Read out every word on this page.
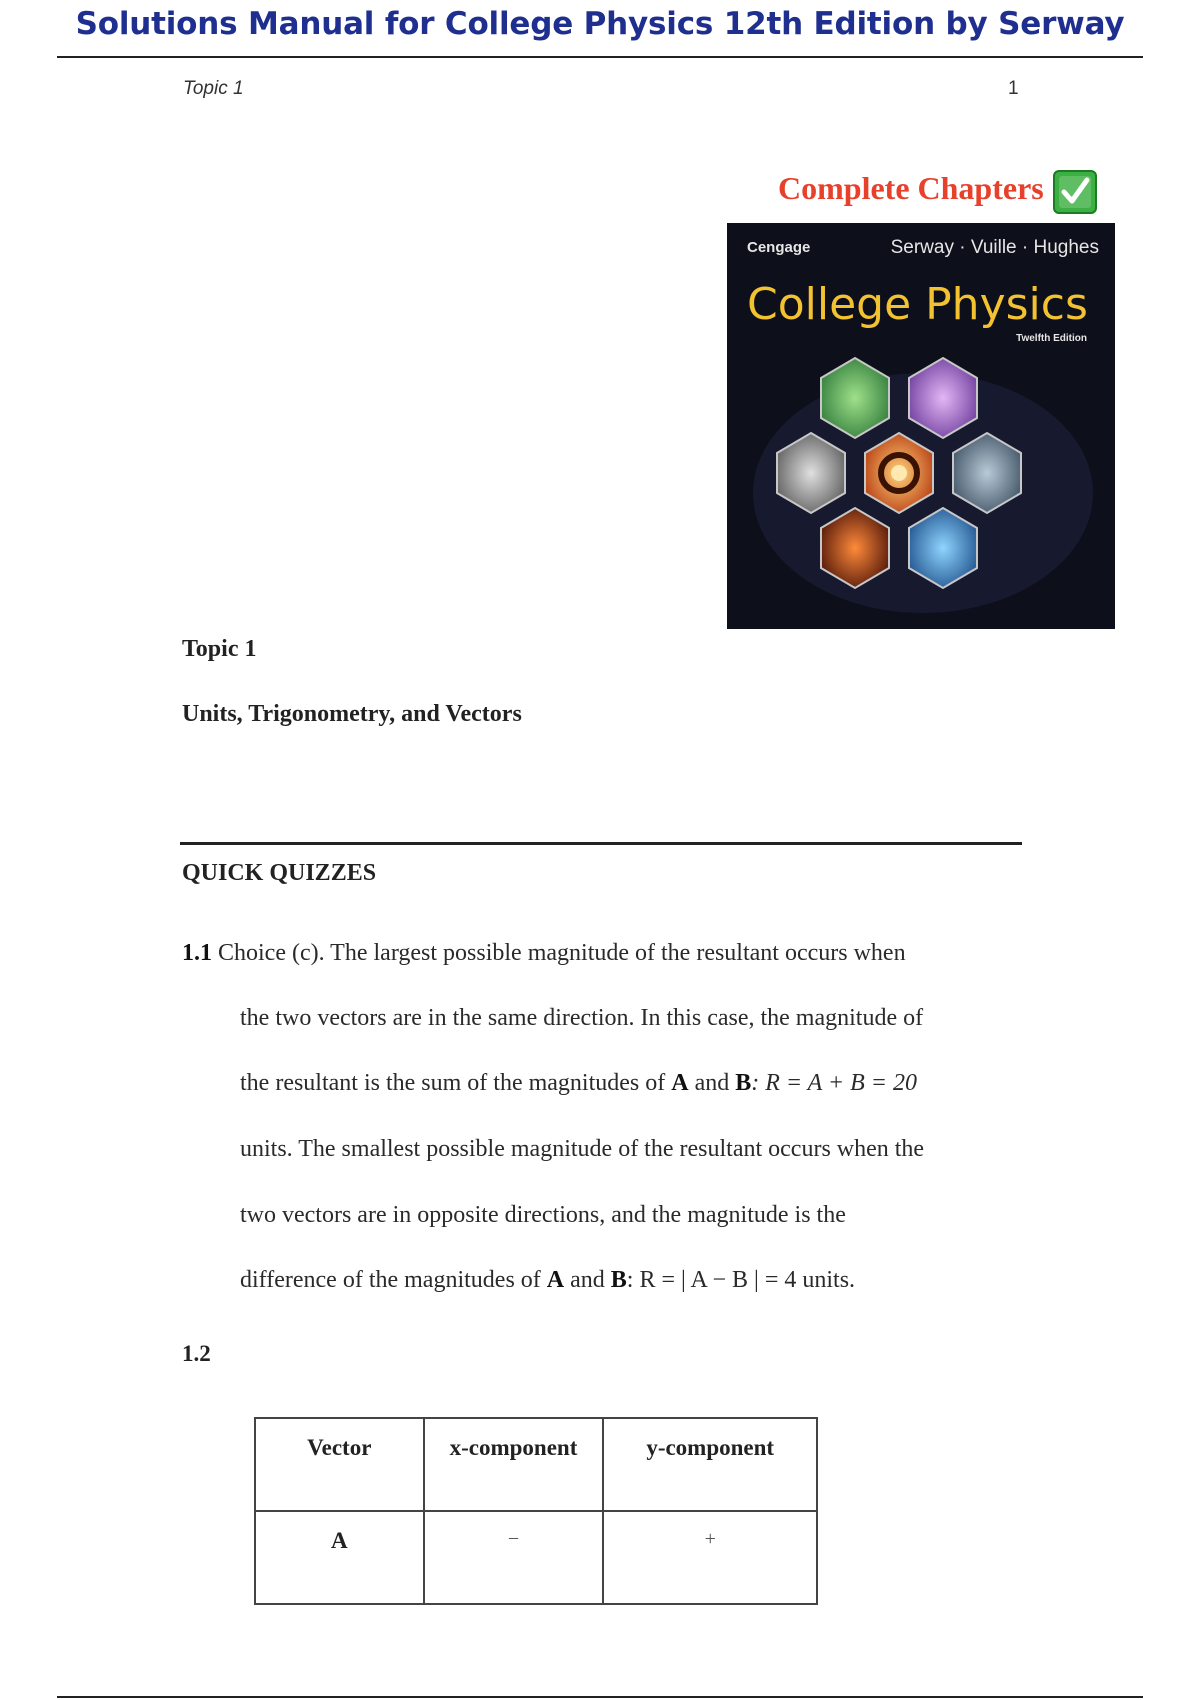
Solutions Manual for College Physics 12th Edition by Serway
Topic 1	1
Complete Chapters
Cengage	Serway · Vuille · Hughes
College Physics
Twelfth Edition
Topic 1
Units, Trigonometry, and Vectors
QUICK QUIZZES
1.1 Choice (c). The largest possible magnitude of the resultant occurs when
the two vectors are in the same direction. In this case, the magnitude of
the resultant is the sum of the magnitudes of A and B: R = A + B = 20
units. The smallest possible magnitude of the resultant occurs when the
two vectors are in opposite directions, and the magnitude is the
difference of the magnitudes of A and B: R = | A − B | = 4 units.
1.2
Vector	x-component	y-component
A	−	+
